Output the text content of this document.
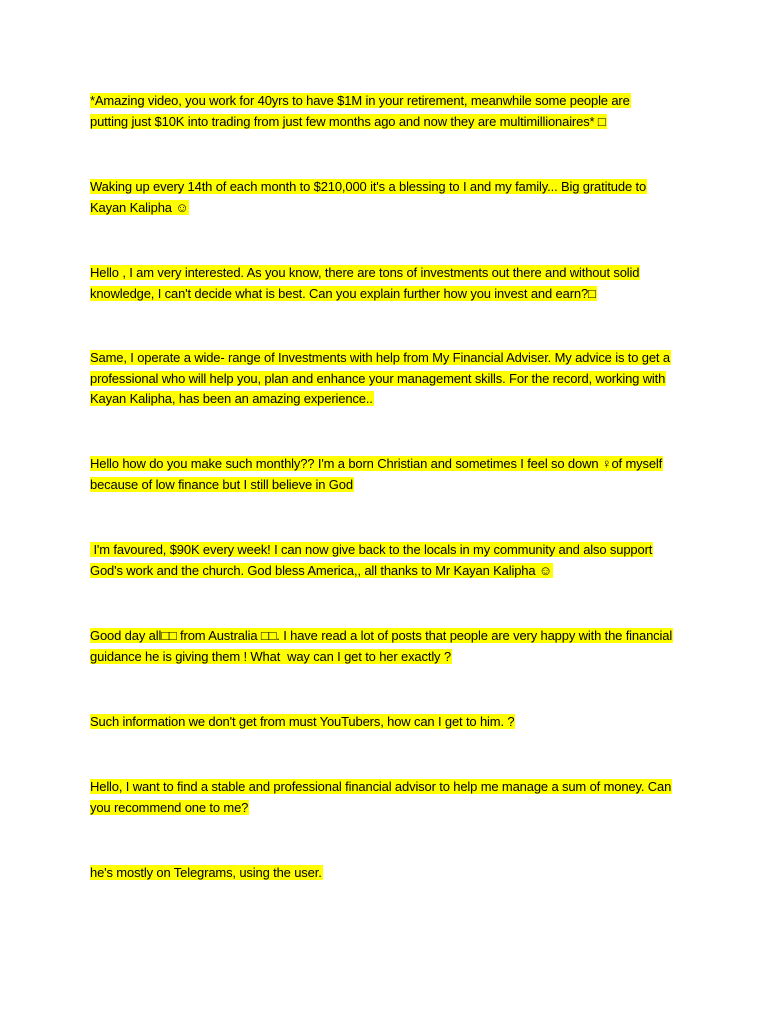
*Amazing video, you work for 40yrs to have $1M in your retirement, meanwhile some people are
putting just $10K into trading from just few months ago and now they are multimillionaires* □

Waking up every 14th of each month to $210,000 it's a blessing to I and my family... Big gratitude to
Kayan Kalipha ☺

Hello , I am very interested. As you know, there are tons of investments out there and without solid
knowledge, I can't decide what is best. Can you explain further how you invest and earn?□

Same, I operate a wide- range of Investments with help from My Financial Adviser. My advice is to get a
professional who will help you, plan and enhance your management skills. For the record, working with
Kayan Kalipha, has been an amazing experience..

Hello how do you make such monthly?? I'm a born Christian and sometimes I feel so down ♀of myself
because of low finance but I still believe in God

I'm favoured, $90K every week! I can now give back to the locals in my community and also support
God's work and the church. God bless America,, all thanks to Mr Kayan Kalipha ☺

Good day all□□ from Australia □□. I have read a lot of posts that people are very happy with the financial
guidance he is giving them ! What  way can I get to her exactly ?

Such information we don't get from must YouTubers, how can I get to him. ?

Hello, I want to find a stable and professional financial advisor to help me manage a sum of money. Can
you recommend one to me?

he's mostly on Telegrams, using the user.
